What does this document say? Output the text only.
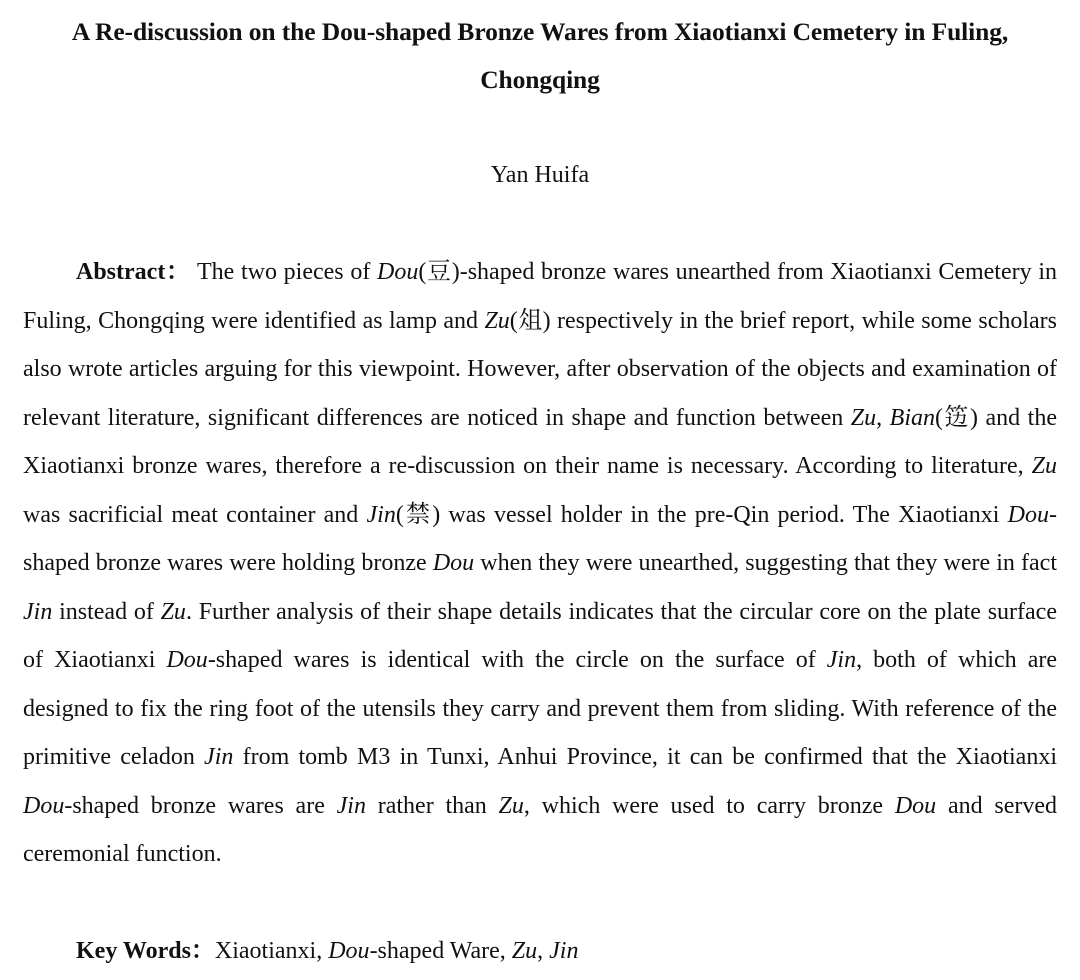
A Re-discussion on the Dou-shaped Bronze Wares from Xiaotianxi Cemetery in Fuling, Chongqing

Yan Huifa

Abstract： The two pieces of Dou(豆)-shaped bronze wares unearthed from Xiaotianxi Cemetery in Fuling, Chongqing were identified as lamp and Zu(俎) respectively in the brief report, while some scholars also wrote articles arguing for this viewpoint. However, after observation of the objects and examination of relevant literature, significant differences are noticed in shape and function between Zu, Bian(笾) and the Xiaotianxi bronze wares, therefore a re-discussion on their name is necessary. According to literature, Zu was sacrificial meat container and Jin(禁) was vessel holder in the pre-Qin period. The Xiaotianxi Dou-shaped bronze wares were holding bronze Dou when they were unearthed, suggesting that they were in fact Jin instead of Zu. Further analysis of their shape details indicates that the circular core on the plate surface of Xiaotianxi Dou-shaped wares is identical with the circle on the surface of Jin, both of which are designed to fix the ring foot of the utensils they carry and prevent them from sliding. With reference of the primitive celadon Jin from tomb M3 in Tunxi, Anhui Province, it can be confirmed that the Xiaotianxi Dou-shaped bronze wares are Jin rather than Zu, which were used to carry bronze Dou and served ceremonial function.

Key Words：Xiaotianxi, Dou-shaped Ware, Zu, Jin
